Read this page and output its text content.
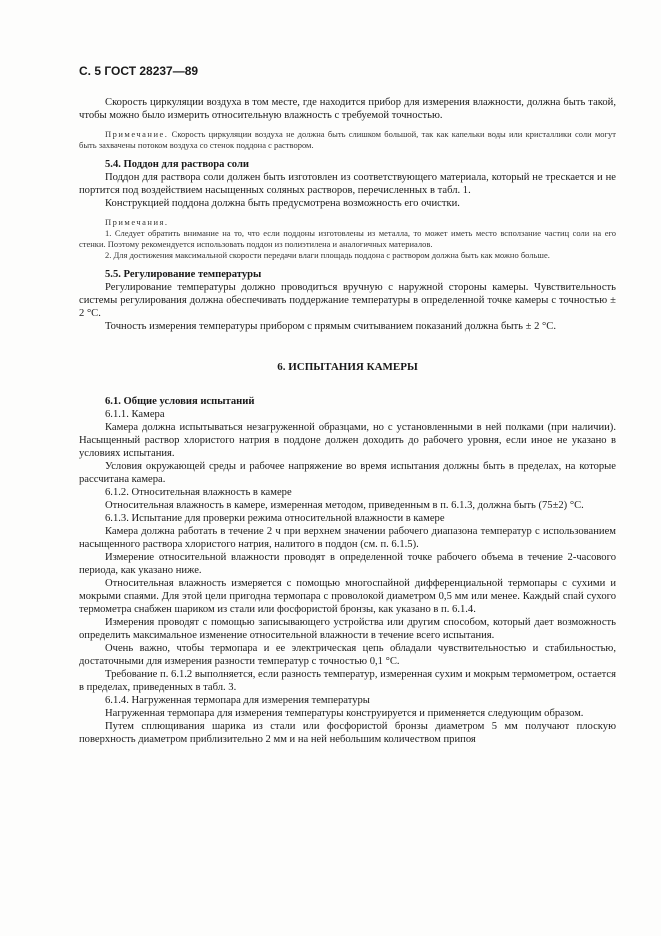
С. 5 ГОСТ 28237—89

Скорость циркуляции воздуха в том месте, где находится прибор для измерения влажности, должна быть такой, чтобы можно было измерить относительную влажность с требуемой точностью.

Примечание. Скорость циркуляции воздуха не должна быть слишком большой, так как капельки воды или кристаллики соли могут быть захвачены потоком воздуха со стенок поддона с раствором.

5.4. Поддон для раствора соли

Поддон для раствора соли должен быть изготовлен из соответствующего материала, который не трескается и не портится под воздействием насыщенных соляных растворов, перечисленных в табл. 1.

Конструкцией поддона должна быть предусмотрена возможность его очистки.

Примечания.

1. Следует обратить внимание на то, что если поддоны изготовлены из металла, то может иметь место всползание частиц соли на его стенки. Поэтому рекомендуется использовать поддон из полиэтилена и аналогичных материалов.

2. Для достижения максимальной скорости передачи влаги площадь поддона с раствором должна быть как можно больше.

5.5. Регулирование температуры

Регулирование температуры должно проводиться вручную с наружной стороны камеры. Чувствительность системы регулирования должна обеспечивать поддержание температуры в определенной точке камеры с точностью ± 2 °С.

Точность измерения температуры прибором с прямым считыванием показаний должна быть ± 2 °С.

6. ИСПЫТАНИЯ КАМЕРЫ

6.1. Общие условия испытаний

6.1.1. Камера

Камера должна испытываться незагруженной образцами, но с установленными в ней полками (при наличии). Насыщенный раствор хлористого натрия в поддоне должен доходить до рабочего уровня, если иное не указано в условиях испытания.

Условия окружающей среды и рабочее напряжение во время испытания должны быть в пределах, на которые рассчитана камера.

6.1.2. Относительная влажность в камере

Относительная влажность в камере, измеренная методом, приведенным в п. 6.1.3, должна быть (75±2) °С.

6.1.3. Испытание для проверки режима относительной влажности в камере

Камера должна работать в течение 2 ч при верхнем значении рабочего диапазона температур с использованием насыщенного раствора хлористого натрия, налитого в поддон (см. п. 6.1.5).

Измерение относительной влажности проводят в определенной точке рабочего объема в течение 2-часового периода, как указано ниже.

Относительная влажность измеряется с помощью многоспайной дифференциальной термопары с сухими и мокрыми спаями. Для этой цели пригодна термопара с проволокой диаметром 0,5 мм или менее. Каждый спай сухого термометра снабжен шариком из стали или фосфористой бронзы, как указано в п. 6.1.4.

Измерения проводят с помощью записывающего устройства или другим способом, который дает возможность определить максимальное изменение относительной влажности в течение всего испытания.

Очень важно, чтобы термопара и ее электрическая цепь обладали чувствительностью и стабильностью, достаточными для измерения разности температур с точностью 0,1 °С.

Требование п. 6.1.2 выполняется, если разность температур, измеренная сухим и мокрым термометром, остается в пределах, приведенных в табл. 3.

6.1.4. Нагруженная термопара для измерения температуры

Нагруженная термопара для измерения температуры конструируется и применяется следующим образом.

Путем сплющивания шарика из стали или фосфористой бронзы диаметром 5 мм получают плоскую поверхность диаметром приблизительно 2 мм и на ней небольшим количеством припоя
